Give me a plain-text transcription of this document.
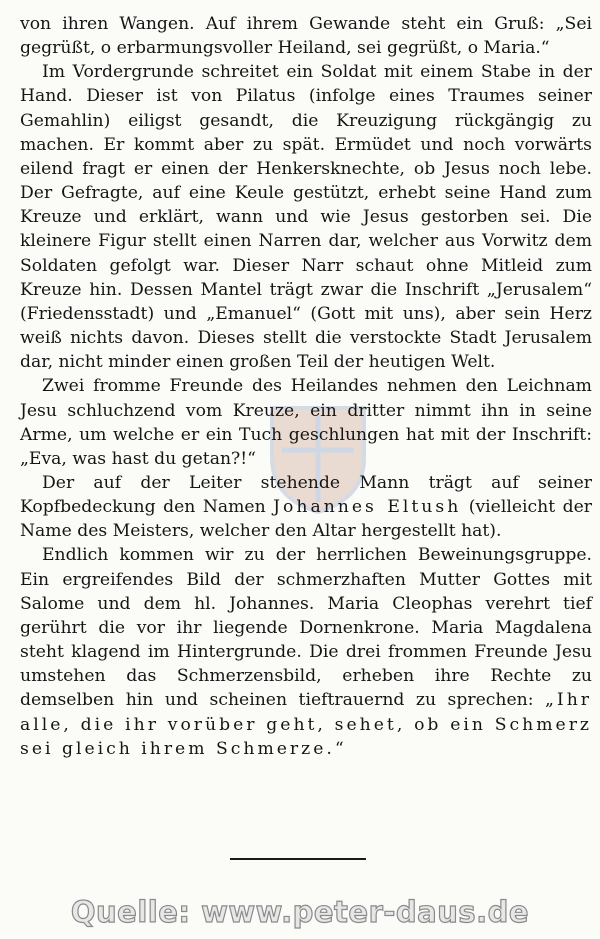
von ihren Wangen. Auf ihrem Gewande steht ein Gruß: „Sei gegrüßt, o erbarmungsvoller Heiland, sei gegrüßt, o Maria.“

Im Vordergrunde schreitet ein Soldat mit einem Stabe in der Hand. Dieser ist von Pilatus (infolge eines Traumes seiner Gemahlin) eiligst gesandt, die Kreuzigung rückgängig zu machen. Er kommt aber zu spät. Ermüdet und noch vorwärts eilend fragt er einen der Henkersknechte, ob Jesus noch lebe. Der Gefragte, auf eine Keule gestützt, erhebt seine Hand zum Kreuze und erklärt, wann und wie Jesus gestorben sei. Die kleinere Figur stellt einen Narren dar, welcher aus Vorwitz dem Soldaten gefolgt war. Dieser Narr schaut ohne Mitleid zum Kreuze hin. Dessen Mantel trägt zwar die Inschrift „Jerusalem“ (Friedensstadt) und „Emanuel“ (Gott mit uns), aber sein Herz weiß nichts davon. Dieses stellt die verstockte Stadt Jerusalem dar, nicht minder einen großen Teil der heutigen Welt.

Zwei fromme Freunde des Heilandes nehmen den Leichnam Jesu schluchzend vom Kreuze, ein dritter nimmt ihn in seine Arme, um welche er ein Tuch geschlungen hat mit der Inschrift: „Eva, was hast du getan?!“

Der auf der Leiter stehende Mann trägt auf seiner Kopfbedeckung den Namen Johannes Eltush (vielleicht der Name des Meisters, welcher den Altar hergestellt hat).

Endlich kommen wir zu der herrlichen Beweinungsgruppe. Ein ergreifendes Bild der schmerzhaften Mutter Gottes mit Salome und dem hl. Johannes. Maria Cleophas verehrt tief gerührt die vor ihr liegende Dornenkrone. Maria Magdalena steht klagend im Hintergrunde. Die drei frommen Freunde Jesu umstehen das Schmerzensbild, erheben ihre Rechte zu demselben hin und scheinen tieftrauernd zu sprechen: „Ihr alle, die ihr vorüber geht, sehet, ob ein Schmerz sei gleich ihrem Schmerze.“

Quelle: www.peter-daus.de
